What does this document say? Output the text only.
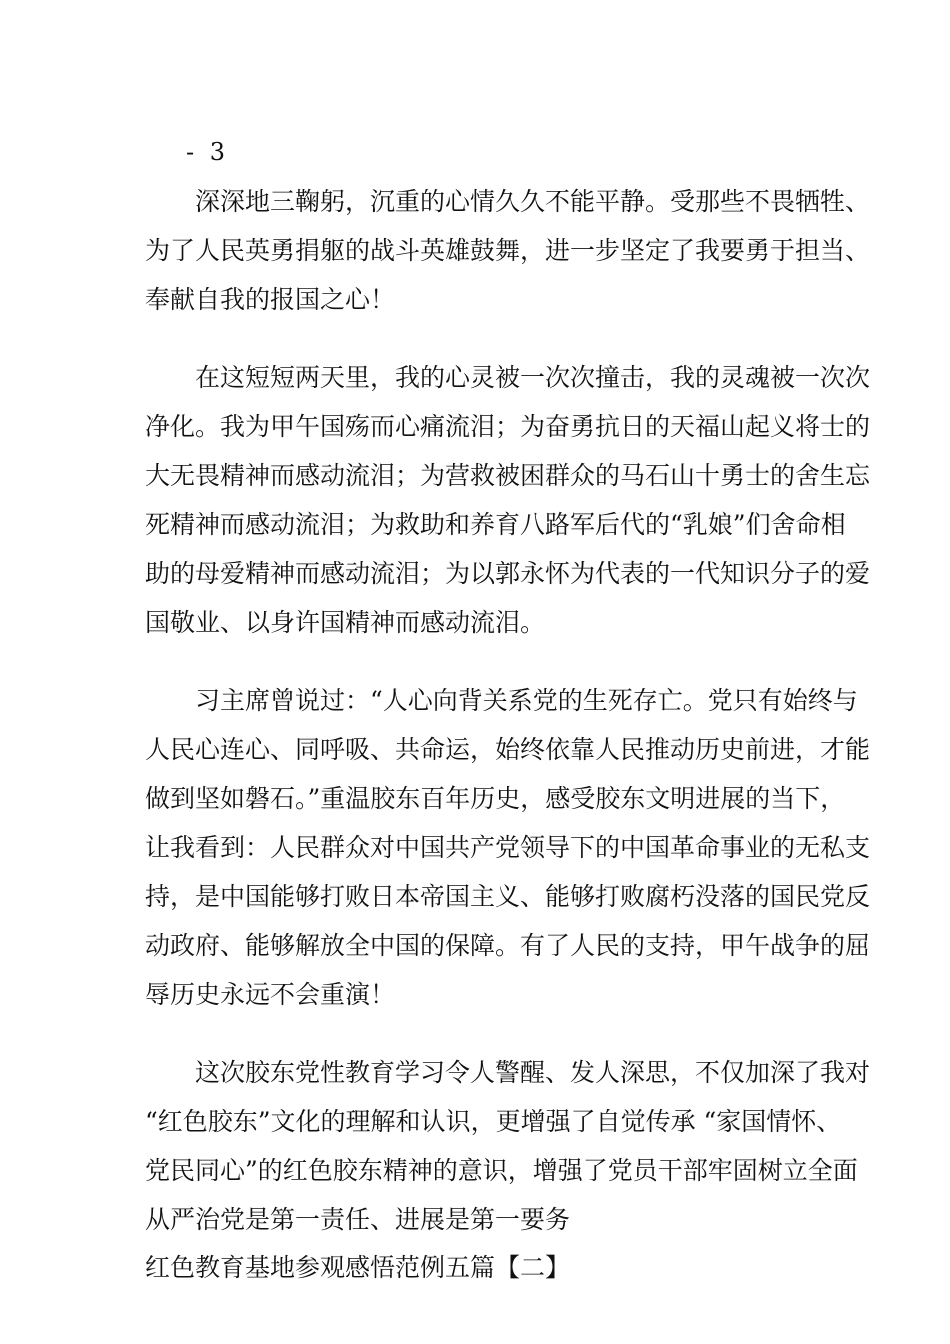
- 3
　　深深地三鞠躬，沉重的心情久久不能平静。受那些不畏牺牲、
为了人民英勇捐躯的战斗英雄鼓舞，进一步坚定了我要勇于担当、
奉献自我的报国之心！
　　在这短短两天里，我的心灵被一次次撞击，我的灵魂被一次次
净化。我为甲午国殇而心痛流泪；为奋勇抗日的天福山起义将士的
大无畏精神而感动流泪；为营救被困群众的马石山十勇士的舍生忘
死精神而感动流泪；为救助和养育八路军后代的“乳娘”们舍命相
助的母爱精神而感动流泪；为以郭永怀为代表的一代知识分子的爱
国敬业、以身许国精神而感动流泪。
　　习主席曾说过：“人心向背关系党的生死存亡。党只有始终与
人民心连心、同呼吸、共命运，始终依靠人民推动历史前进，才能
做到坚如磐石。”重温胶东百年历史，感受胶东文明进展的当下，
让我看到：人民群众对中国共产党领导下的中国革命事业的无私支
持，是中国能够打败日本帝国主义、能够打败腐朽没落的国民党反
动政府、能够解放全中国的保障。有了人民的支持，甲午战争的屈
辱历史永远不会重演！
　　这次胶东党性教育学习令人警醒、发人深思，不仅加深了我对
“红色胶东”文化的理解和认识，更增强了自觉传承 “家国情怀、
党民同心”的红色胶东精神的意识，增强了党员干部牢固树立全面
从严治党是第一责任、进展是第一要务
红色教育基地参观感悟范例五篇【二】
